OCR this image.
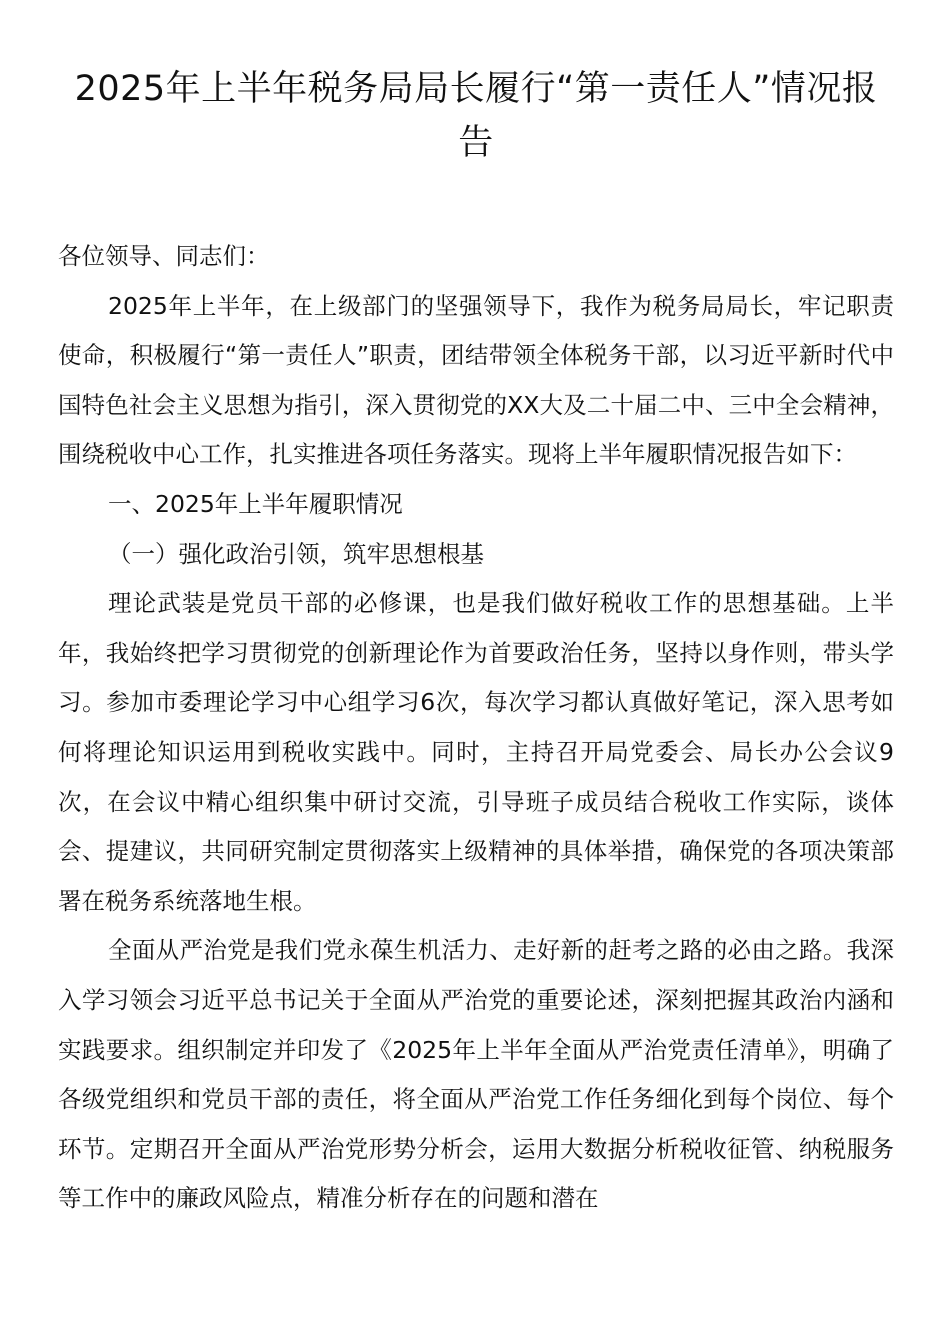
2025年上半年税务局局长履行“第一责任人”情况报告

各位领导、同志们：

2025年上半年，在上级部门的坚强领导下，我作为税务局局长，牢记职责使命，积极履行“第一责任人”职责，团结带领全体税务干部，以习近平新时代中国特色社会主义思想为指引，深入贯彻党的XX大及二十届二中、三中全会精神，围绕税收中心工作，扎实推进各项任务落实。现将上半年履职情况报告如下：

一、2025年上半年履职情况

（一）强化政治引领，筑牢思想根基

理论武装是党员干部的必修课，也是我们做好税收工作的思想基础。上半年，我始终把学习贯彻党的创新理论作为首要政治任务，坚持以身作则，带头学习。参加市委理论学习中心组学习6次，每次学习都认真做好笔记，深入思考如何将理论知识运用到税收实践中。同时，主持召开局党委会、局长办公会议9次，在会议中精心组织集中研讨交流，引导班子成员结合税收工作实际，谈体会、提建议，共同研究制定贯彻落实上级精神的具体举措，确保党的各项决策部署在税务系统落地生根。

全面从严治党是我们党永葆生机活力、走好新的赶考之路的必由之路。我深入学习领会习近平总书记关于全面从严治党的重要论述，深刻把握其政治内涵和实践要求。组织制定并印发了《2025年上半年全面从严治党责任清单》，明确了各级党组织和党员干部的责任，将全面从严治党工作任务细化到每个岗位、每个环节。定期召开全面从严治党形势分析会，运用大数据分析税收征管、纳税服务等工作中的廉政风险点，精准分析存在的问题和潜在
